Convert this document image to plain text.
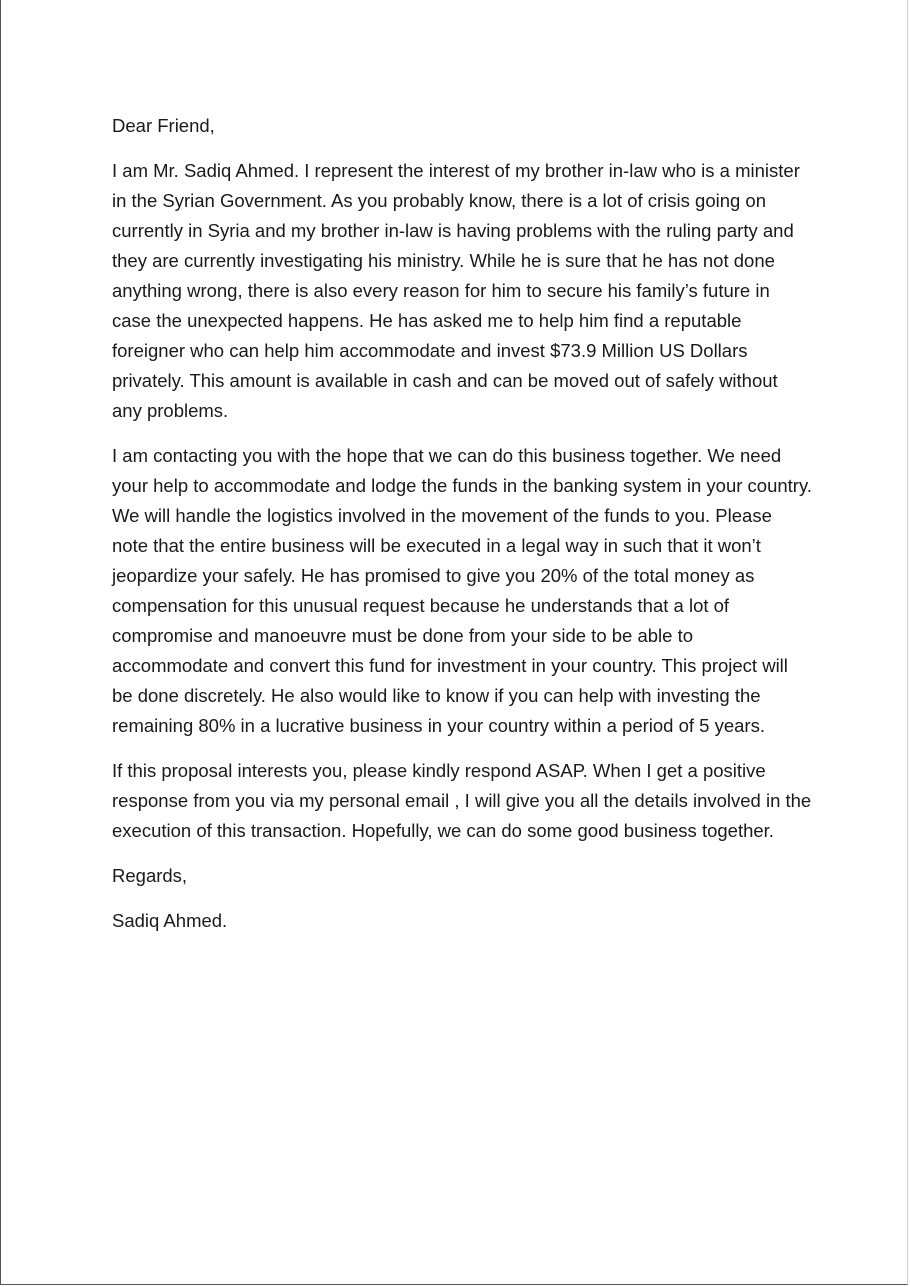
Dear Friend,

I am Mr. Sadiq Ahmed. I represent the interest of my brother in-law who is a minister in the Syrian Government. As you probably know, there is a lot of crisis going on currently in Syria and my brother in-law is having problems with the ruling party and they are currently investigating his ministry. While he is sure that he has not done anything wrong, there is also every reason for him to secure his family’s future in case the unexpected happens. He has asked me to help him find a reputable foreigner who can help him accommodate and invest $73.9 Million US Dollars privately. This amount is available in cash and can be moved out of safely without any problems.

I am contacting you with the hope that we can do this business together. We need your help to accommodate and lodge the funds in the banking system in your country. We will handle the logistics involved in the movement of the funds to you. Please note that the entire business will be executed in a legal way in such that it won’t jeopardize your safely. He has promised to give you 20% of the total money as compensation for this unusual request because he understands that a lot of compromise and manoeuvre must be done from your side to be able to accommodate and convert this fund for investment in your country. This project will be done discretely. He also would like to know if you can help with investing the remaining 80% in a lucrative business in your country within a period of 5 years.

If this proposal interests you, please kindly respond ASAP. When I get a positive response from you via my personal email , I will give you all the details involved in the execution of this transaction. Hopefully, we can do some good business together.

Regards,

Sadiq Ahmed.
